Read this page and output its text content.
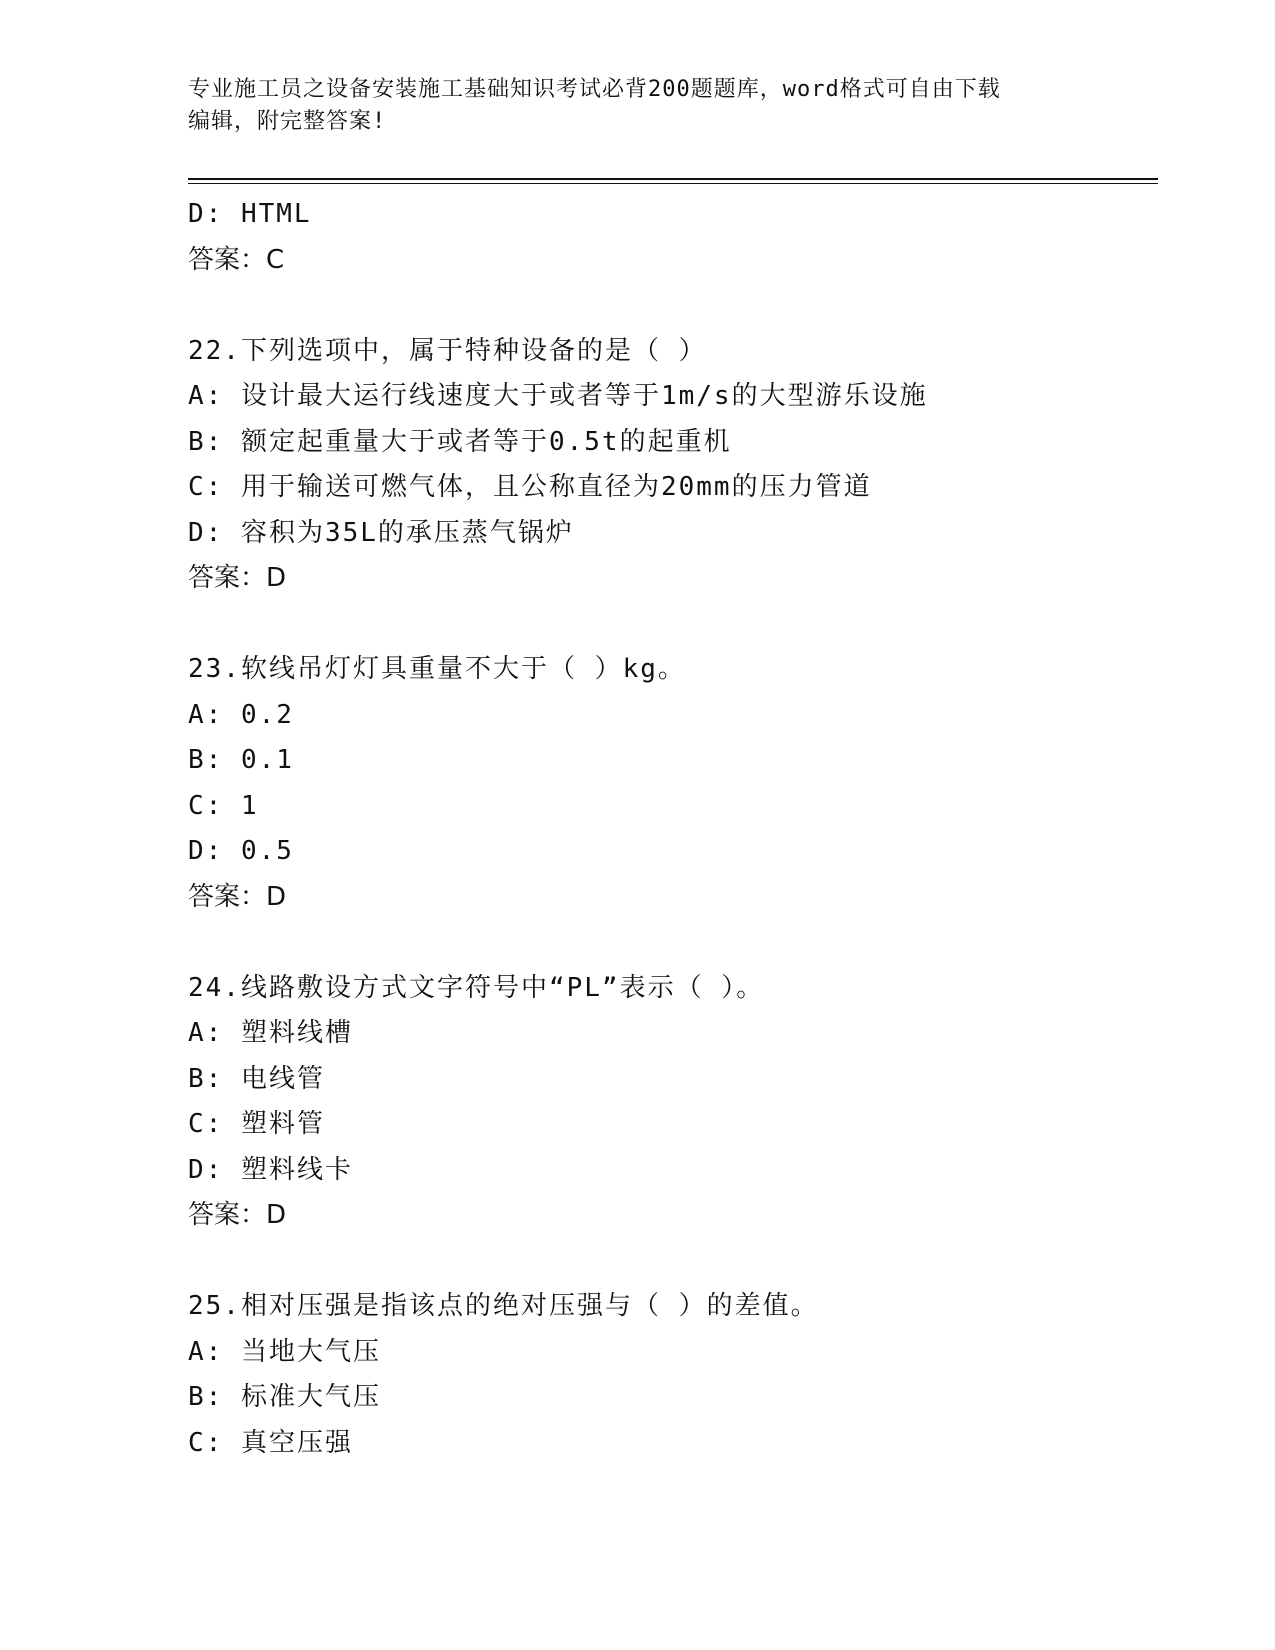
专业施工员之设备安装施工基础知识考试必背200题题库，word格式可自由下载
编辑，附完整答案!
D: HTML
答案：C
22.下列选项中，属于特种设备的是（ ）
A: 设计最大运行线速度大于或者等于1m/s的大型游乐设施
B: 额定起重量大于或者等于0.5t的起重机
C: 用于输送可燃气体，且公称直径为20mm的压力管道
D: 容积为35L的承压蒸气锅炉
答案：D
23.软线吊灯灯具重量不大于（ ）kg。
A: 0.2
B: 0.1
C: 1
D: 0.5
答案：D
24.线路敷设方式文字符号中“PL”表示（ ）。
A: 塑料线槽
B: 电线管
C: 塑料管
D: 塑料线卡
答案：D
25.相对压强是指该点的绝对压强与（ ）的差值。
A: 当地大气压
B: 标准大气压
C: 真空压强
